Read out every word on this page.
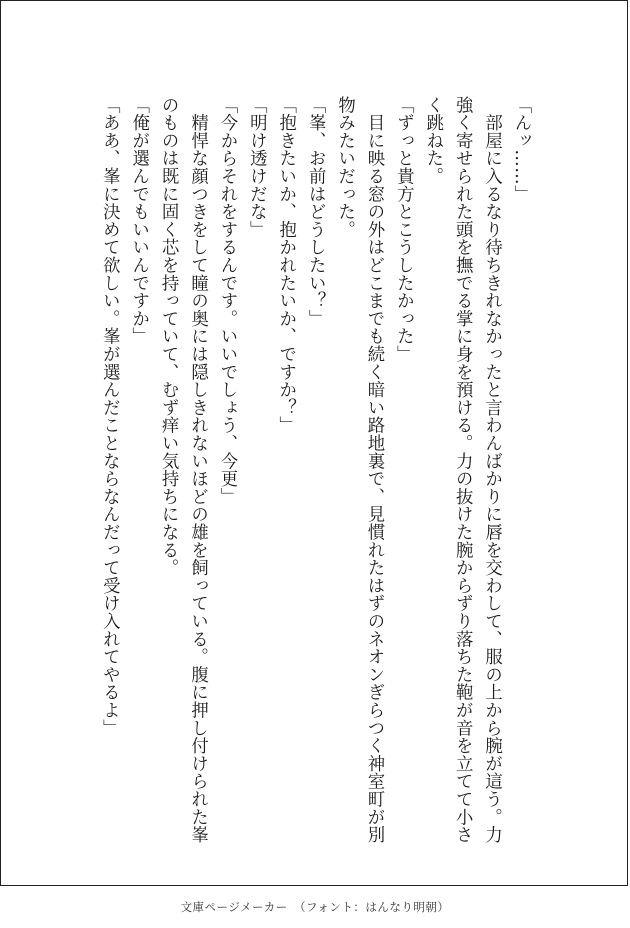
「んッ……」

　部屋に入るなり待ちきれなかったと言わんばかりに唇を交わして、服の上から腕が這う。力強く寄せられた頭を撫でる掌に身を預ける。力の抜けた腕からずり落ちた鞄が音を立てて小さく跳ねた。

「ずっと貴方とこうしたかった」

　目に映る窓の外はどこまでも続く暗い路地裏で、見慣れたはずのネオンぎらつく神室町が別物みたいだった。

「峯、お前はどうしたい？」

「抱きたいか、抱かれたいか、ですか？」

「明け透けだな」

「今からそれをするんです。いいでしょう、今更」

　精悍な顔つきをして瞳の奥には隠しきれないほどの雄を飼っている。腹に押し付けられた峯のものは既に固く芯を持っていて、むず痒い気持ちになる。

「俺が選んでもいいんですか」

「ああ、峯に決めて欲しい。峯が選んだことならなんだって受け入れてやるよ」

文庫ページメーカー　（フォント：はんなり明朝）
